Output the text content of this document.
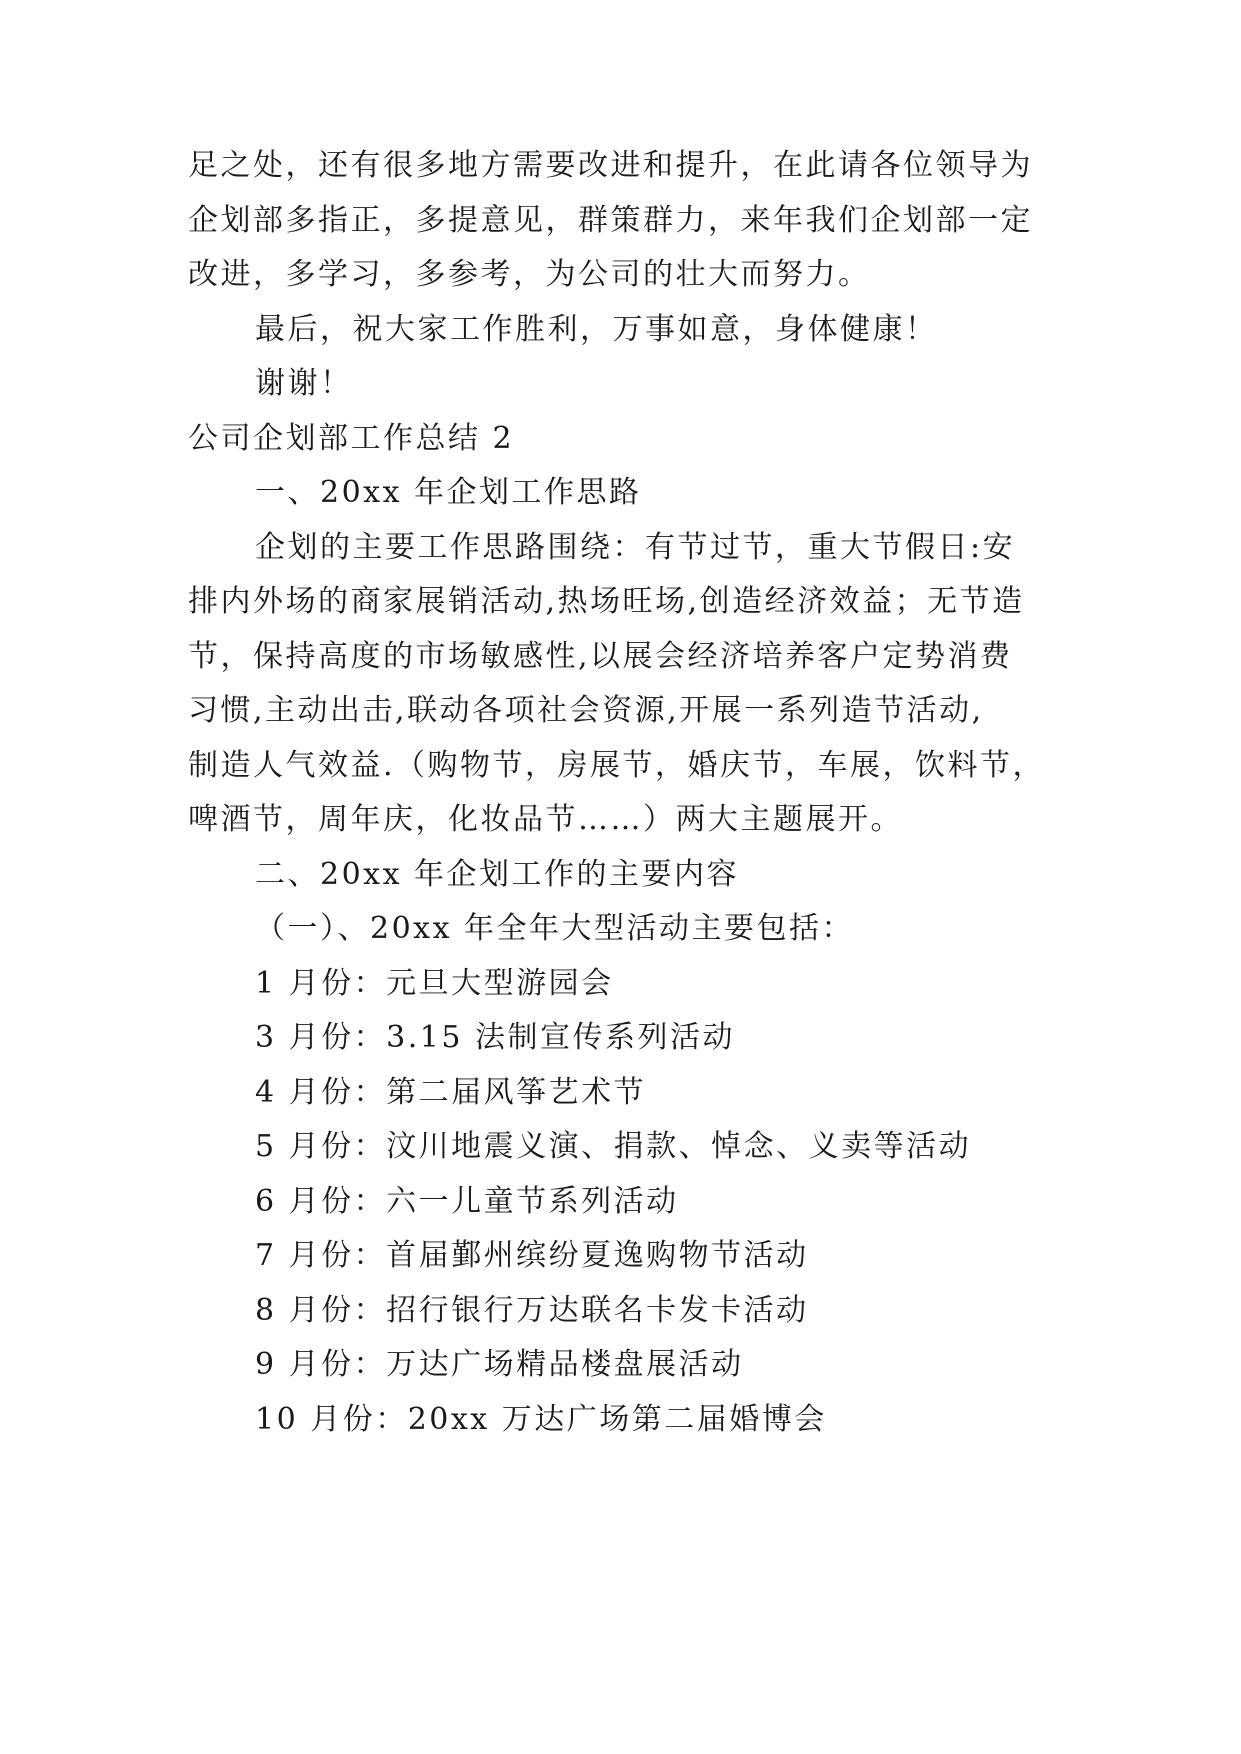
足之处，还有很多地方需要改进和提升，在此请各位领导为
企划部多指正，多提意见，群策群力，来年我们企划部一定
改进，多学习，多参考，为公司的壮大而努力。
最后，祝大家工作胜利，万事如意，身体健康！
谢谢！
公司企划部工作总结 2
一、20xx 年企划工作思路
企划的主要工作思路围绕：有节过节，重大节假日:安
排内外场的商家展销活动,热场旺场,创造经济效益；无节造
节，保持高度的市场敏感性,以展会经济培养客户定势消费
习惯,主动出击,联动各项社会资源,开展一系列造节活动,
制造人气效益.（购物节，房展节，婚庆节，车展，饮料节，
啤酒节，周年庆，化妆品节……）两大主题展开。
二、20xx 年企划工作的主要内容
（一）、20xx 年全年大型活动主要包括：
1 月份：元旦大型游园会
3 月份：3.15 法制宣传系列活动
4 月份：第二届风筝艺术节
5 月份：汶川地震义演、捐款、悼念、义卖等活动
6 月份：六一儿童节系列活动
7 月份：首届鄞州缤纷夏逸购物节活动
8 月份：招行银行万达联名卡发卡活动
9 月份：万达广场精品楼盘展活动
10 月份：20xx 万达广场第二届婚博会
